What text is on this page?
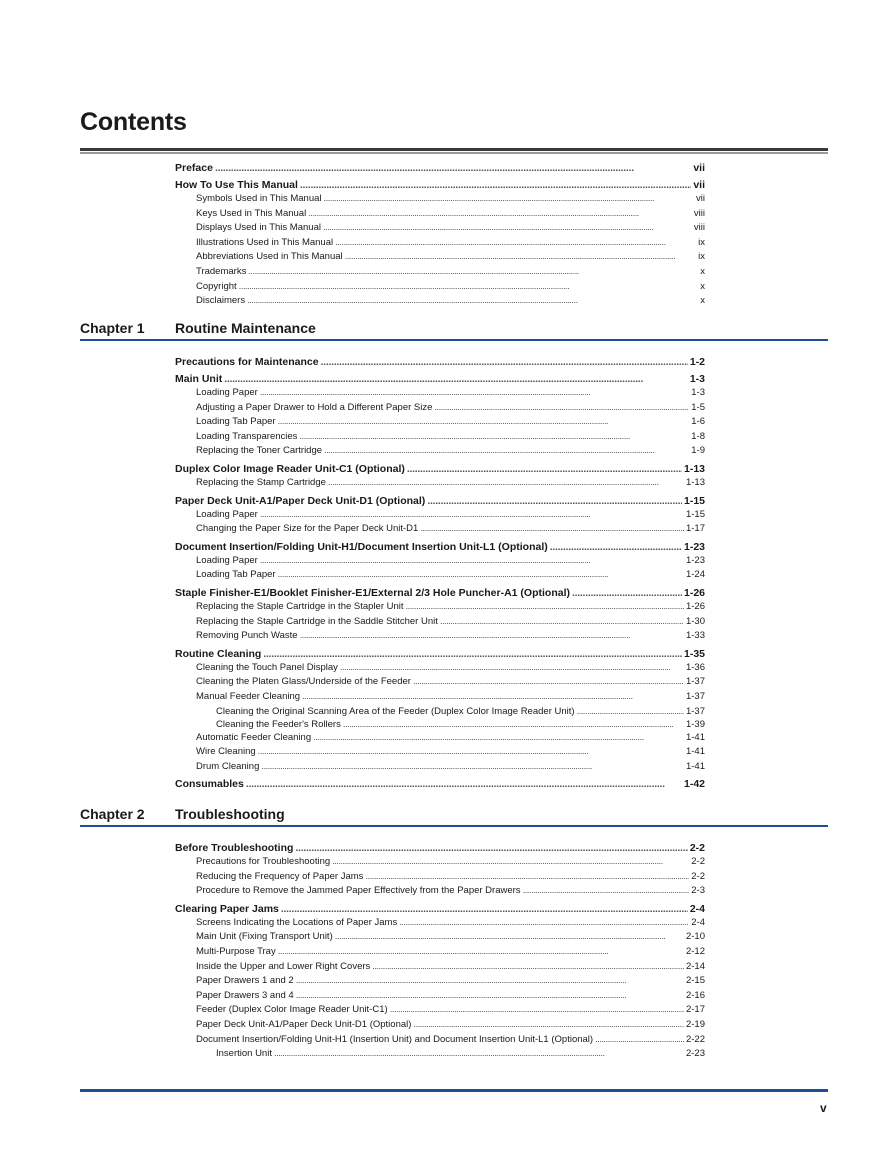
Contents
Preface . . .	vii
How To Use This Manual . . .	vii
Symbols Used in This Manual . . .	vii
Keys Used in This Manual . . .	viii
Displays Used in This Manual . . .	viii
Illustrations Used in This Manual . . .	ix
Abbreviations Used in This Manual . . .	ix
Trademarks . . .	x
Copyright . . .	x
Disclaimers . . .	x
Chapter 1 Routine Maintenance
Precautions for Maintenance . . .	1-2
Main Unit . . .	1-3
Loading Paper . . .	1-3
Adjusting a Paper Drawer to Hold a Different Paper Size . . .	1-5
Loading Tab Paper . . .	1-6
Loading Transparencies . . .	1-8
Replacing the Toner Cartridge . . .	1-9
Duplex Color Image Reader Unit-C1 (Optional) . . .	1-13
Replacing the Stamp Cartridge . . .	1-13
Paper Deck Unit-A1/Paper Deck Unit-D1 (Optional) . . .	1-15
Loading Paper . . .	1-15
Changing the Paper Size for the Paper Deck Unit-D1 . . .	1-17
Document Insertion/Folding Unit-H1/Document Insertion Unit-L1 (Optional) . . .	1-23
Loading Paper . . .	1-23
Loading Tab Paper . . .	1-24
Staple Finisher-E1/Booklet Finisher-E1/External 2/3 Hole Puncher-A1 (Optional) . . .	1-26
Replacing the Staple Cartridge in the Stapler Unit . . .	1-26
Replacing the Staple Cartridge in the Saddle Stitcher Unit . . .	1-30
Removing Punch Waste . . .	1-33
Routine Cleaning . . .	1-35
Cleaning the Touch Panel Display . . .	1-36
Cleaning the Platen Glass/Underside of the Feeder . . .	1-37
Manual Feeder Cleaning . . .	1-37
Cleaning the Original Scanning Area of the Feeder (Duplex Color Image Reader Unit) . . .	1-37
Cleaning the Feeder's Rollers . . .	1-39
Automatic Feeder Cleaning . . .	1-41
Wire Cleaning . . .	1-41
Drum Cleaning . . .	1-41
Consumables . . .	1-42
Chapter 2 Troubleshooting
Before Troubleshooting . . .	2-2
Precautions for Troubleshooting . . .	2-2
Reducing the Frequency of Paper Jams . . .	2-2
Procedure to Remove the Jammed Paper Effectively from the Paper Drawers . . .	2-3
Clearing Paper Jams . . .	2-4
Screens Indicating the Locations of Paper Jams . . .	2-4
Main Unit (Fixing Transport Unit) . . .	2-10
Multi-Purpose Tray . . .	2-12
Inside the Upper and Lower Right Covers . . .	2-14
Paper Drawers 1 and 2 . . .	2-15
Paper Drawers 3 and 4 . . .	2-16
Feeder (Duplex Color Image Reader Unit-C1) . . .	2-17
Paper Deck Unit-A1/Paper Deck Unit-D1 (Optional) . . .	2-19
Document Insertion/Folding Unit-H1 (Insertion Unit) and Document Insertion Unit-L1 (Optional) . . .	2-22
Insertion Unit . . .	2-23
v
